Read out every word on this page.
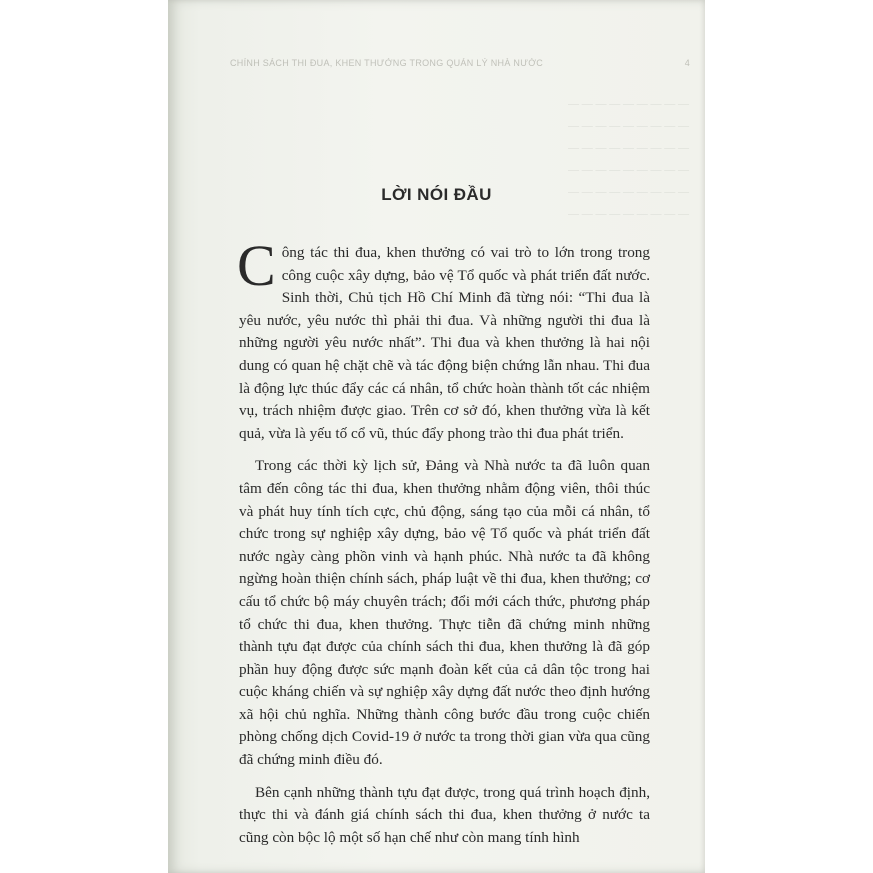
CHÍNH SÁCH THI ĐUA, KHEN THƯỞNG TRONG QUẢN LÝ NHÀ NƯỚC	4
— — — — — — — — —
— — — — — — — — —
— — — — — — — — —
— — — — — — — — —
— — — — — — — — —
— — — — — — — — —
LỜI NÓI ĐẦU

C ông tác thi đua, khen thưởng có vai trò to lớn trong trong công cuộc xây dựng, bảo vệ Tổ quốc và phát triển đất nước. Sinh thời, Chủ tịch Hồ Chí Minh đã từng nói: “Thi đua là yêu nước, yêu nước thì phải thi đua. Và những người thi đua là những người yêu nước nhất”. Thi đua và khen thưởng là hai nội dung có quan hệ chặt chẽ và tác động biện chứng lẫn nhau. Thi đua là động lực thúc đẩy các cá nhân, tổ chức hoàn thành tốt các nhiệm vụ, trách nhiệm được giao. Trên cơ sở đó, khen thưởng vừa là kết quả, vừa là yếu tố cổ vũ, thúc đẩy phong trào thi đua phát triển.

Trong các thời kỳ lịch sử, Đảng và Nhà nước ta đã luôn quan tâm đến công tác thi đua, khen thưởng nhằm động viên, thôi thúc và phát huy tính tích cực, chủ động, sáng tạo của mỗi cá nhân, tổ chức trong sự nghiệp xây dựng, bảo vệ Tổ quốc và phát triển đất nước ngày càng phồn vinh và hạnh phúc. Nhà nước ta đã không ngừng hoàn thiện chính sách, pháp luật về thi đua, khen thưởng; cơ cấu tổ chức bộ máy chuyên trách; đổi mới cách thức, phương pháp tổ chức thi đua, khen thưởng. Thực tiễn đã chứng minh những thành tựu đạt được của chính sách thi đua, khen thưởng là đã góp phần huy động được sức mạnh đoàn kết của cả dân tộc trong hai cuộc kháng chiến và sự nghiệp xây dựng đất nước theo định hướng xã hội chủ nghĩa. Những thành công bước đầu trong cuộc chiến phòng chống dịch Covid-19 ở nước ta trong thời gian vừa qua cũng đã chứng minh điều đó.

Bên cạnh những thành tựu đạt được, trong quá trình hoạch định, thực thi và đánh giá chính sách thi đua, khen thưởng ở nước ta cũng còn bộc lộ một số hạn chế như còn mang tính hình
